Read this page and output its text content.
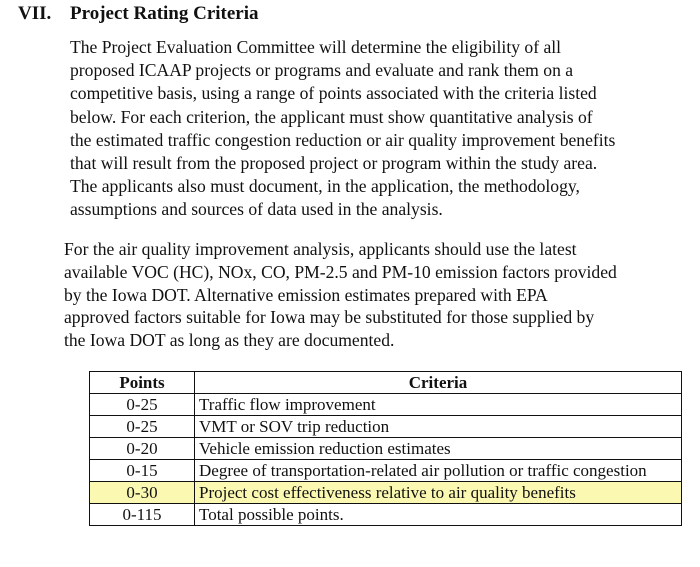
VII. Project Rating Criteria
The Project Evaluation Committee will determine the eligibility of all
proposed ICAAP projects or programs and evaluate and rank them on a
competitive basis, using a range of points associated with the criteria listed
below. For each criterion, the applicant must show quantitative analysis of
the estimated traffic congestion reduction or air quality improvement benefits
that will result from the proposed project or program within the study area.
The applicants also must document, in the application, the methodology,
assumptions and sources of data used in the analysis.
For the air quality improvement analysis, applicants should use the latest
available VOC (HC), NOx, CO, PM-2.5 and PM-10 emission factors provided
by the Iowa DOT. Alternative emission estimates prepared with EPA
approved factors suitable for Iowa may be substituted for those supplied by
the Iowa DOT as long as they are documented.
Points	Criteria
0-25	Traffic flow improvement
0-25	VMT or SOV trip reduction
0-20	Vehicle emission reduction estimates
0-15	Degree of transportation-related air pollution or traffic congestion
0-30	Project cost effectiveness relative to air quality benefits
0-115	Total possible points.
